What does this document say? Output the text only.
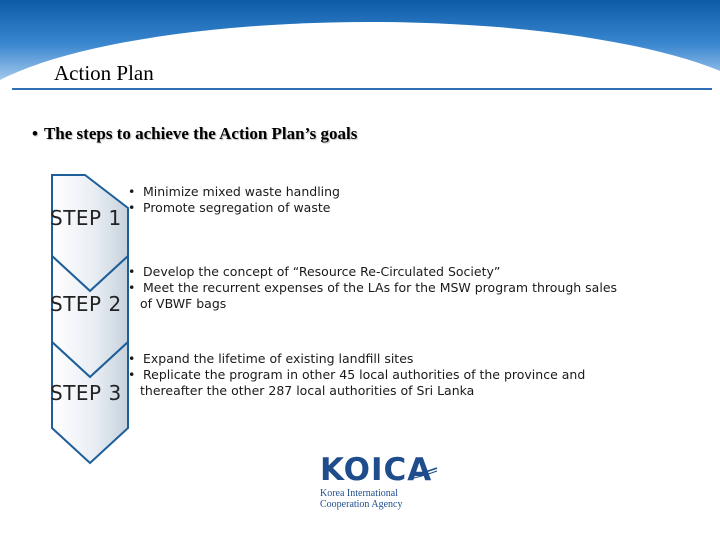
Action Plan
• The steps to achieve the Action Plan’s goals
STEP 1
STEP 2
STEP 3
• Minimize mixed waste handling
• Promote segregation of waste
• Develop the concept of “Resource Re-Circulated Society”
• Meet the recurrent expenses of the LAs for the MSW program through sales
of VBWF bags
• Expand the lifetime of existing landfill sites
• Replicate the program in other 45 local authorities of the province and
thereafter the other 287 local authorities of Sri Lanka
KOICA
Korea International
Cooperation Agency
